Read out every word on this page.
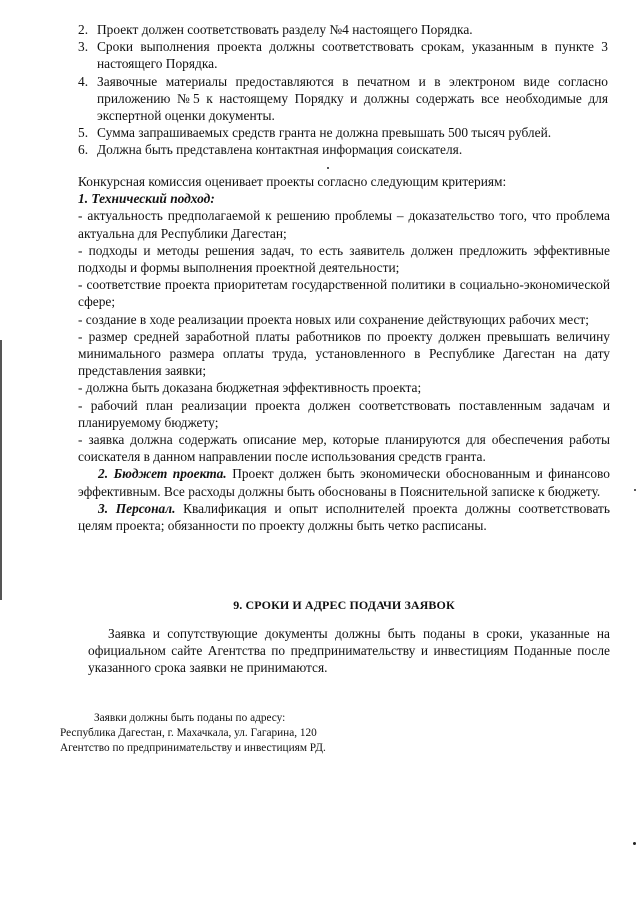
2. Проект должен соответствовать разделу №4 настоящего Порядка.
3. Сроки выполнения проекта должны соответствовать срокам, указанным в пункте 3 настоящего Порядка.
4. Заявочные материалы предоставляются в печатном и в электроном виде согласно приложению №5 к настоящему Порядку и должны содержать все необходимые для экспертной оценки документы.
5. Сумма запрашиваемых средств гранта не должна превышать 500 тысяч рублей.
6. Должна быть представлена контактная информация соискателя.
Конкурсная комиссия оценивает проекты согласно следующим критериям:
1. Технический подход:
- актуальность предполагаемой к решению проблемы – доказательство того, что проблема актуальна для Республики Дагестан;
- подходы и методы решения задач, то есть заявитель должен предложить эффективные подходы и формы выполнения проектной деятельности;
- соответствие проекта приоритетам государственной политики в социально-экономической сфере;
- создание в ходе реализации проекта новых или сохранение действующих рабочих мест;
- размер средней заработной платы работников по проекту должен превышать величину минимального размера оплаты труда, установленного в Республике Дагестан на дату представления заявки;
- должна быть доказана бюджетная эффективность проекта;
- рабочий план реализации проекта должен соответствовать поставленным задачам и планируемому бюджету;
- заявка должна содержать описание мер, которые планируются для обеспечения работы соискателя в данном направлении после использования средств гранта.
2. Бюджет проекта. Проект должен быть экономически обоснованным и финансово эффективным. Все расходы должны быть обоснованы в Пояснительной записке к бюджету.
3. Персонал. Квалификация и опыт исполнителей проекта должны соответствовать целям проекта; обязанности по проекту должны быть четко расписаны.
9. СРОКИ И АДРЕС ПОДАЧИ ЗАЯВОК
Заявка и сопутствующие документы должны быть поданы в сроки, указанные на официальном сайте Агентства по предпринимательству и инвестициям Поданные после указанного срока заявки не принимаются.
Заявки должны быть поданы по адресу:
Республика Дагестан, г. Махачкала, ул. Гагарина, 120
Агентство по предпринимательству и инвестициям РД.
